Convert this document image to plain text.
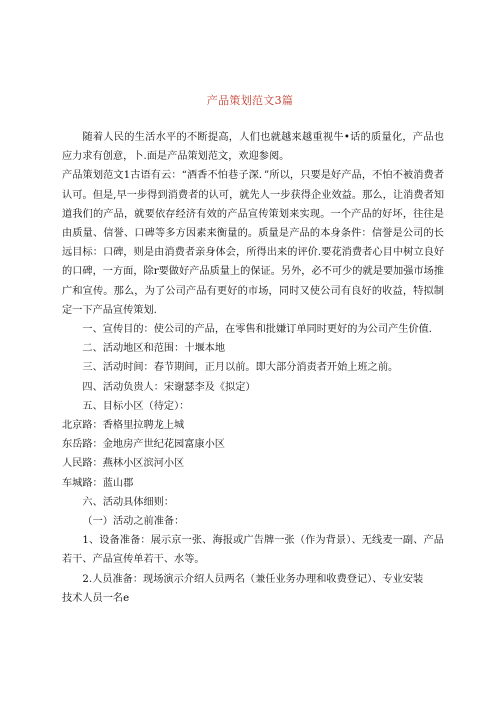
产品策划范文3篇

随着人民的生活水平的不断提高，人们也就越来越重视牛•话的质量化，产品也应力求有创意，卜.面是产品策划范文，欢迎参阅。

产品策划范文1古语有云：“酒香不怕巷子深．”所以，只要是好产品，不怕不被消费者认可。但是,早一步得到消费者的认可，就先人一步获得企业效益。那么，让消费者知道我们的产品，就要依存经济有效的产品宣传策划来实现。一个产品的好坏，往往是由质量、信誉、口碑等多方因素来衡量的。质量是产品的本身条件：信誉是公司的长远目标：口碑，则是由消费者亲身体会，所得出来的评价.要花消费者心目中树立良好的口碑，一方面，除r要做好产品质量上的保证。另外，必不可少的就是要加强市场推广和宣传。那么，为了公司产品有更好的市场，同时又使公司有良好的收益，特拟制定一下产品宣传策划.

一、宣传目的：使公司的产品，在零售和批嫌订单同时更好的为公司产生价值.

二、活动地区和范围：十堰本地

三、活动时间：春节期间，正月以前。即大部分消责者开始上班之前。

四、活动负贵人：宋谢瑟李及《拟定）

五、目标小区（待定）：

北京路：香格里拉聘龙上城

东岳路：金地房产世纪花园富康小区

人民路：燕林小区滨河小区

车城路：蓝山郡

六、活动具体细则：

（一）活动之前准备：

1、设备准备：展示京一张、海报或广告牌一张（作为背景）、无线麦一副、产品若干、产品宣传单若干、水等。

2.人员准备：现场演示介绍人员两名（兼任业务办理和收费登记）、专业安装

技术人员一名e
